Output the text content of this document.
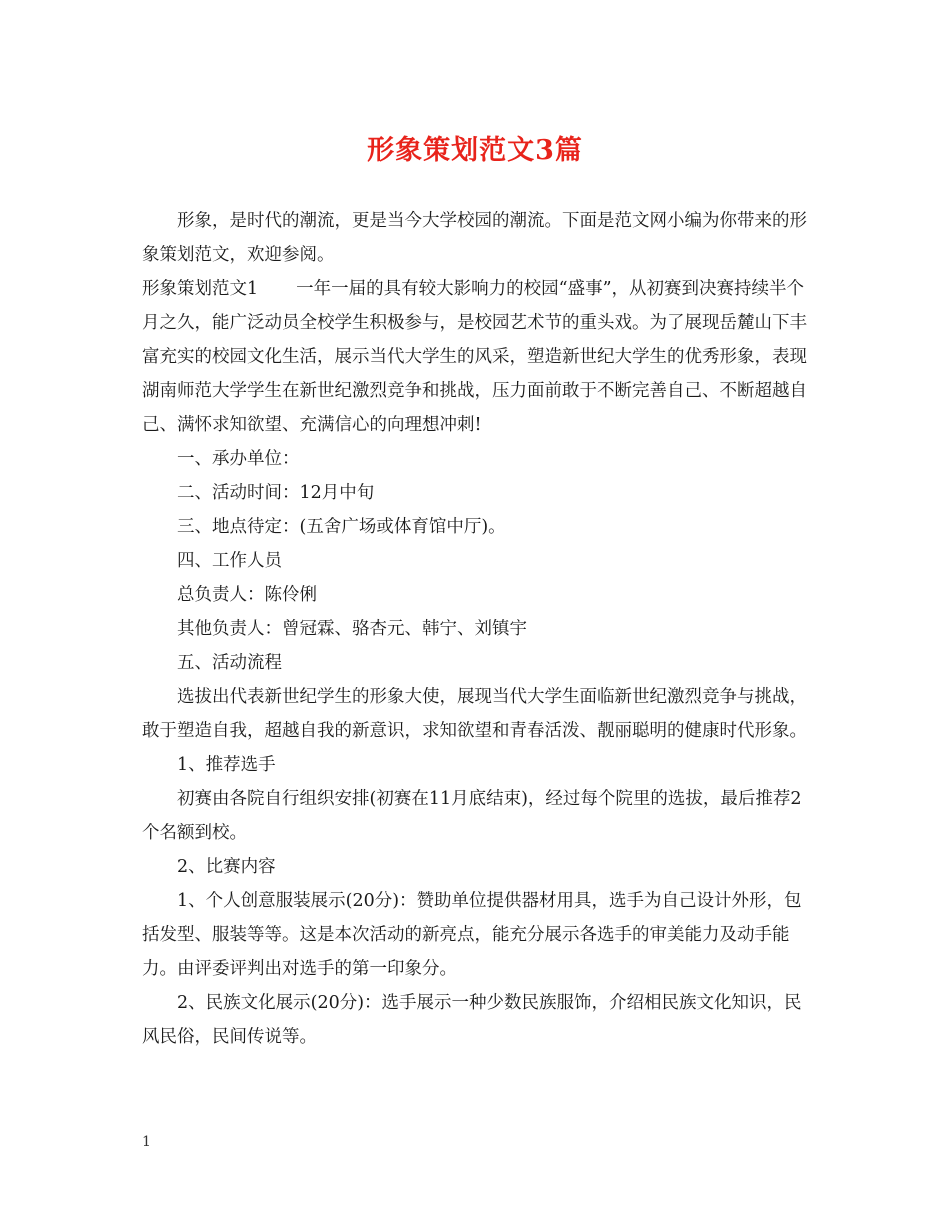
形象策划范文3篇

形象，是时代的潮流，更是当今大学校园的潮流。下面是范文网小编为你带来的形象策划范文，欢迎参阅。

形象策划范文1 一年一届的具有较大影响力的校园“盛事”，从初赛到决赛持续半个月之久，能广泛动员全校学生积极参与，是校园艺术节的重头戏。为了展现岳麓山下丰富充实的校园文化生活，展示当代大学生的风采，塑造新世纪大学生的优秀形象，表现湖南师范大学学生在新世纪激烈竞争和挑战，压力面前敢于不断完善自己、不断超越自己、满怀求知欲望、充满信心的向理想冲刺!

一、承办单位：

二、活动时间：12月中旬

三、地点待定：(五舍广场或体育馆中厅)。

四、工作人员

总负责人：陈伶俐

其他负责人：曾冠霖、骆杏元、韩宁、刘镇宇

五、活动流程

选拔出代表新世纪学生的形象大使，展现当代大学生面临新世纪激烈竞争与挑战，敢于塑造自我，超越自我的新意识，求知欲望和青春活泼、靓丽聪明的健康时代形象。

1、推荐选手

初赛由各院自行组织安排(初赛在11月底结束)，经过每个院里的选拔，最后推荐2个名额到校。

2、比赛内容

1、个人创意服装展示(20分)：赞助单位提供器材用具，选手为自己设计外形，包括发型、服装等等。这是本次活动的新亮点，能充分展示各选手的审美能力及动手能力。由评委评判出对选手的第一印象分。

2、民族文化展示(20分)：选手展示一种少数民族服饰，介绍相民族文化知识，民风民俗，民间传说等。

1
